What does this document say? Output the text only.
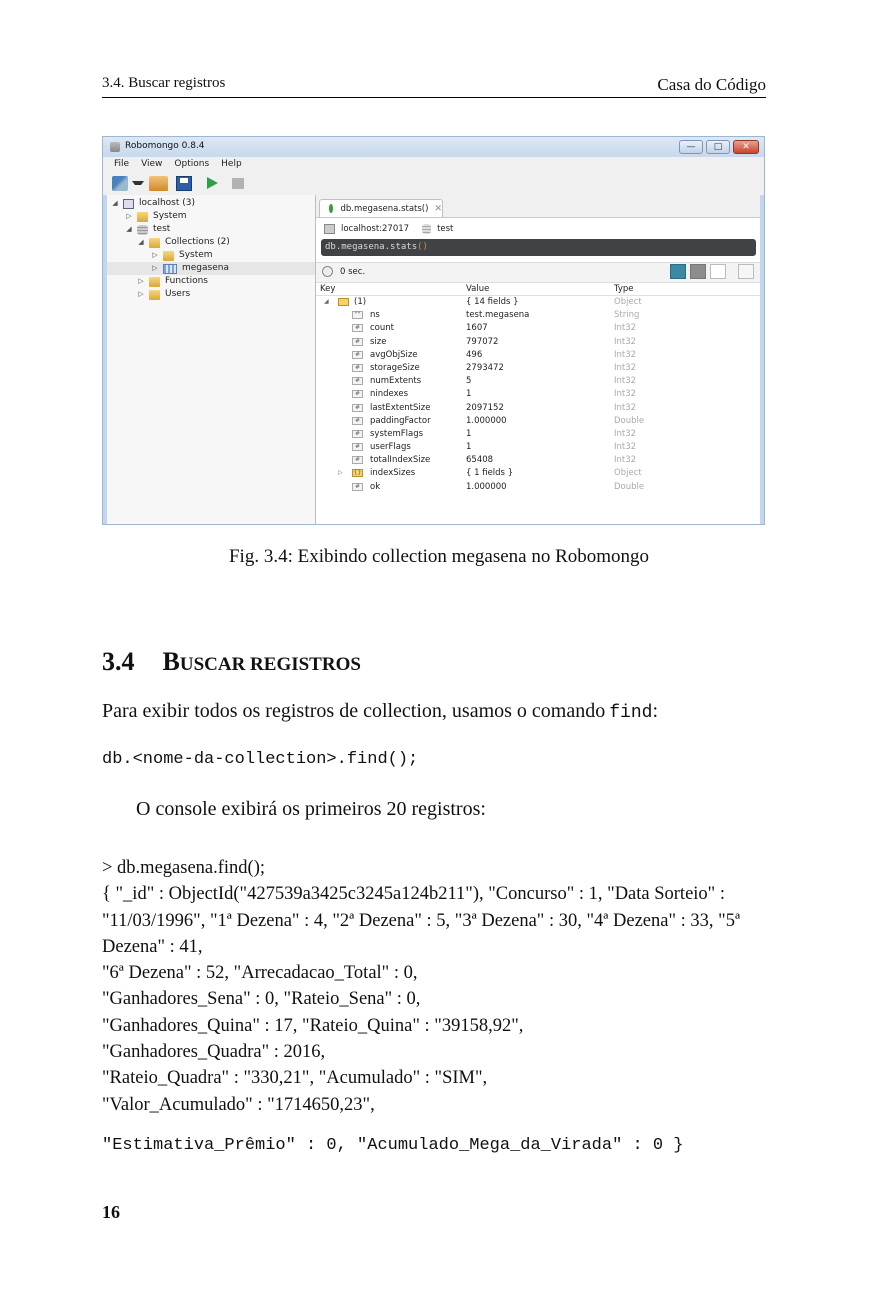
3.4. Buscar registros	Casa do Código
Robomongo 0.8.4	—	□	✕
File	View	Options	Help
◢ localhost (3)
▷ System
◢ test
◢ Collections (2)
▷ System
▷	megasena
▷ Functions
▷ Users
db.megasena.stats() ✕
localhost:27017	test
db.megasena.stats()
0 sec.
Key	Value	Type
◢	(1)	{ 14 fields }	Object
""	ns	test.megasena	String
#	count	1607	Int32
#	size	797072	Int32
#	avgObjSize	496	Int32
#	storageSize	2793472	Int32
#	numExtents	5	Int32
#	nindexes	1	Int32
#	lastExtentSize	2097152	Int32
#	paddingFactor	1.000000	Double
#	systemFlags	1	Int32
#	userFlags	1	Int32
#	totalIndexSize	65408	Int32
▷ {} indexSizes	{ 1 fields }	Object
#	ok	1.000000	Double
Fig. 3.4: Exibindo collection megasena no Robomongo
3.4 BUSCAR REGISTROS
Para exibir todos os registros de collection, usamos o comando find:
db.<nome-da-collection>.find();
O console exibirá os primeiros 20 registros:
> db.megasena.find();
{ "_id" : ObjectId("427539a3425c3245a124b211"), "Concurso" : 1, "Data Sorteio" : "11/03/1996", "1ª Dezena" : 4, "2ª Dezena" : 5, "3ª Dezena" : 30, "4ª Dezena" : 33, "5ª Dezena" : 41,
"6ª Dezena" : 52, "Arrecadacao_Total" : 0,
"Ganhadores_Sena" : 0, "Rateio_Sena" : 0,
"Ganhadores_Quina" : 17, "Rateio_Quina" : "39158,92",
"Ganhadores_Quadra" : 2016,
"Rateio_Quadra" : "330,21", "Acumulado" : "SIM",
"Valor_Acumulado" : "1714650,23",
"Estimativa_Prêmio" : 0, "Acumulado_Mega_da_Virada" : 0 }
16
